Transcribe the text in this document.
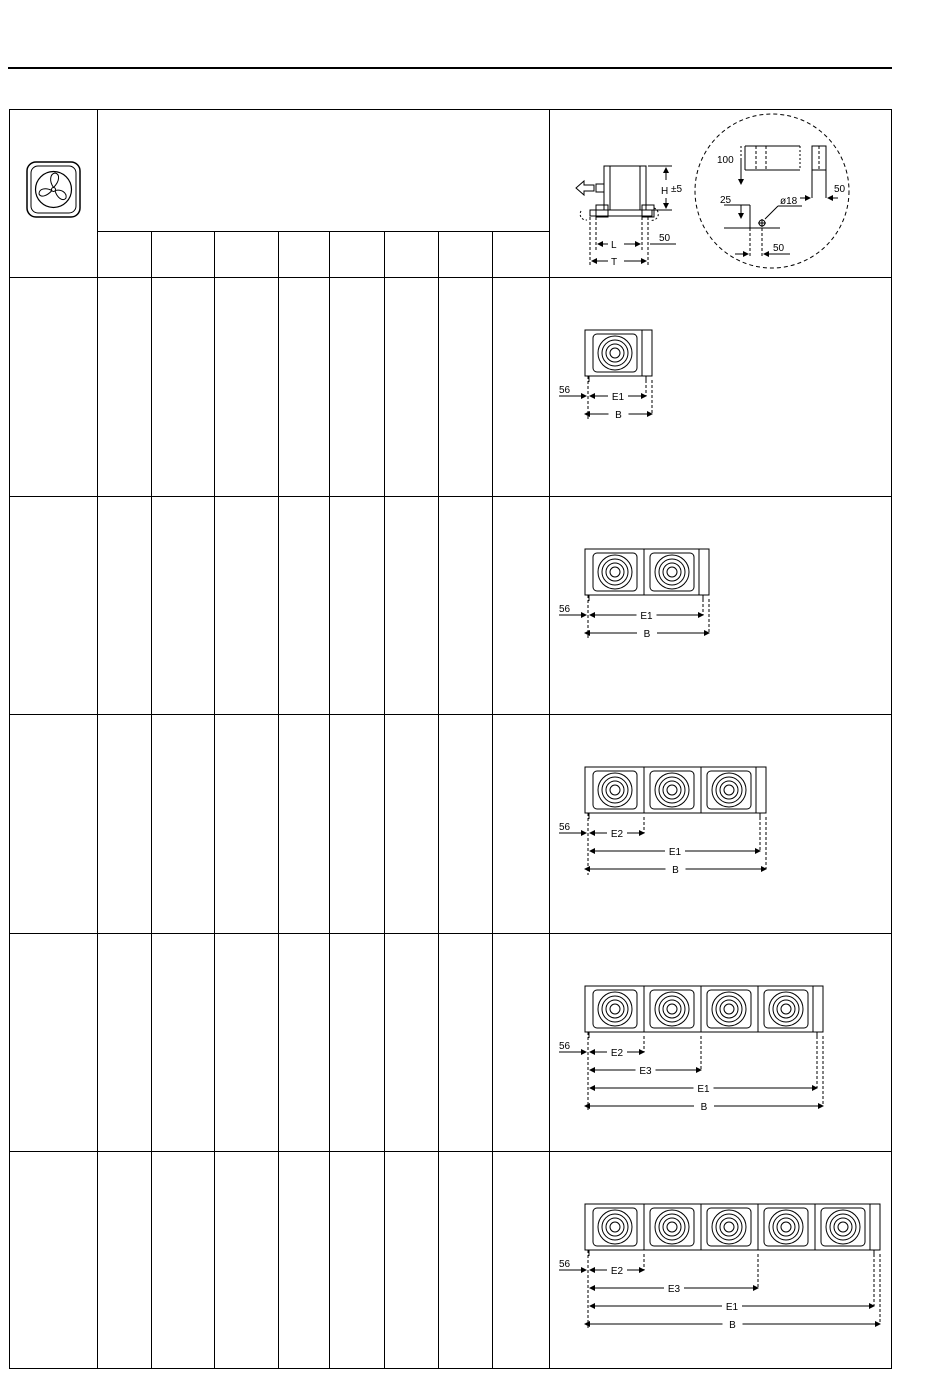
H ±5
L
T
50
100
25	ø18
50
50
56
E1
B
56
E1
B
56
E2
E1
B
56
E2
E3
E1
B
56
E2
E3
E1
B
